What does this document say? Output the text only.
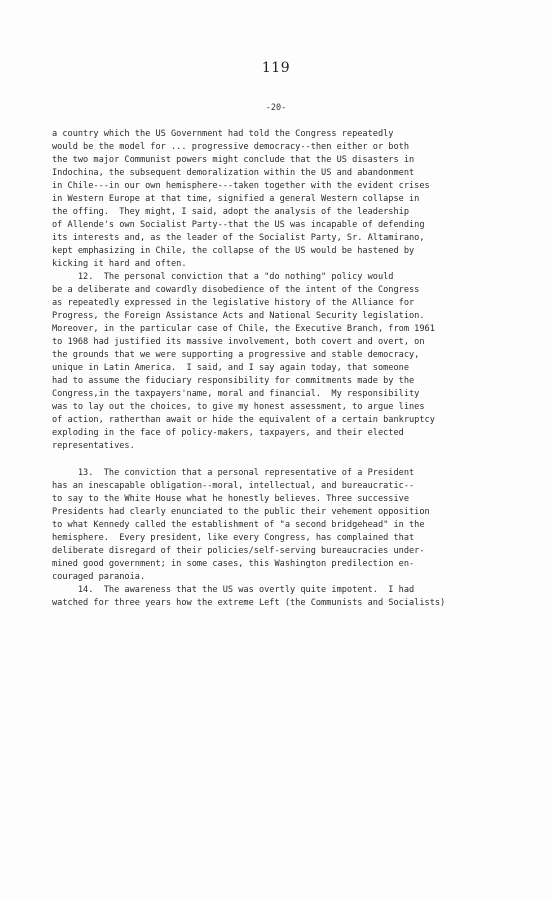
119
-20-
a country which the US Government had told the Congress repeatedly
would be the model for ... progressive democracy--then either or both
the two major Communist powers might conclude that the US disasters in
Indochina, the subsequent demoralization within the US and abandonment
in Chile---in our own hemisphere---taken together with the evident crises
in Western Europe at that time, signified a general Western collapse in
the offing.  They might, I said, adopt the analysis of the leadership
of Allende's own Socialist Party--that the US was incapable of defending
its interests and, as the leader of the Socialist Party, Sr. Altamirano,
kept emphasizing in Chile, the collapse of the US would be hastened by
kicking it hard and often.
12.  The personal conviction that a "do nothing" policy would
be a deliberate and cowardly disobedience of the intent of the Congress
as repeatedly expressed in the legislative history of the Alliance for
Progress, the Foreign Assistance Acts and National Security legislation.
Moreover, in the particular case of Chile, the Executive Branch, from 1961
to 1968 had justified its massive involvement, both covert and overt, on
the grounds that we were supporting a progressive and stable democracy,
unique in Latin America.  I said, and I say again today, that someone
had to assume the fiduciary responsibility for commitments made by the
Congress,in the taxpayers'name, moral and financial.  My responsibility
was to lay out the choices, to give my honest assessment, to argue lines
of action, ratherthan await or hide the equivalent of a certain bankruptcy
exploding in the face of policy-makers, taxpayers, and their elected
representatives.
13.  The conviction that a personal representative of a President
has an inescapable obligation--moral, intellectual, and bureaucratic--
to say to the White House what he honestly believes. Three successive
Presidents had clearly enunciated to the public their vehement opposition
to what Kennedy called the establishment of "a second bridgehead" in the
hemisphere.  Every president, like every Congress, has complained that
deliberate disregard of their policies/self-serving bureaucracies under-
mined good government; in some cases, this Washington predilection en-
couraged paranoia.
14.  The awareness that the US was overtly quite impotent.  I had
watched for three years how the extreme Left (the Communists and Socialists)
